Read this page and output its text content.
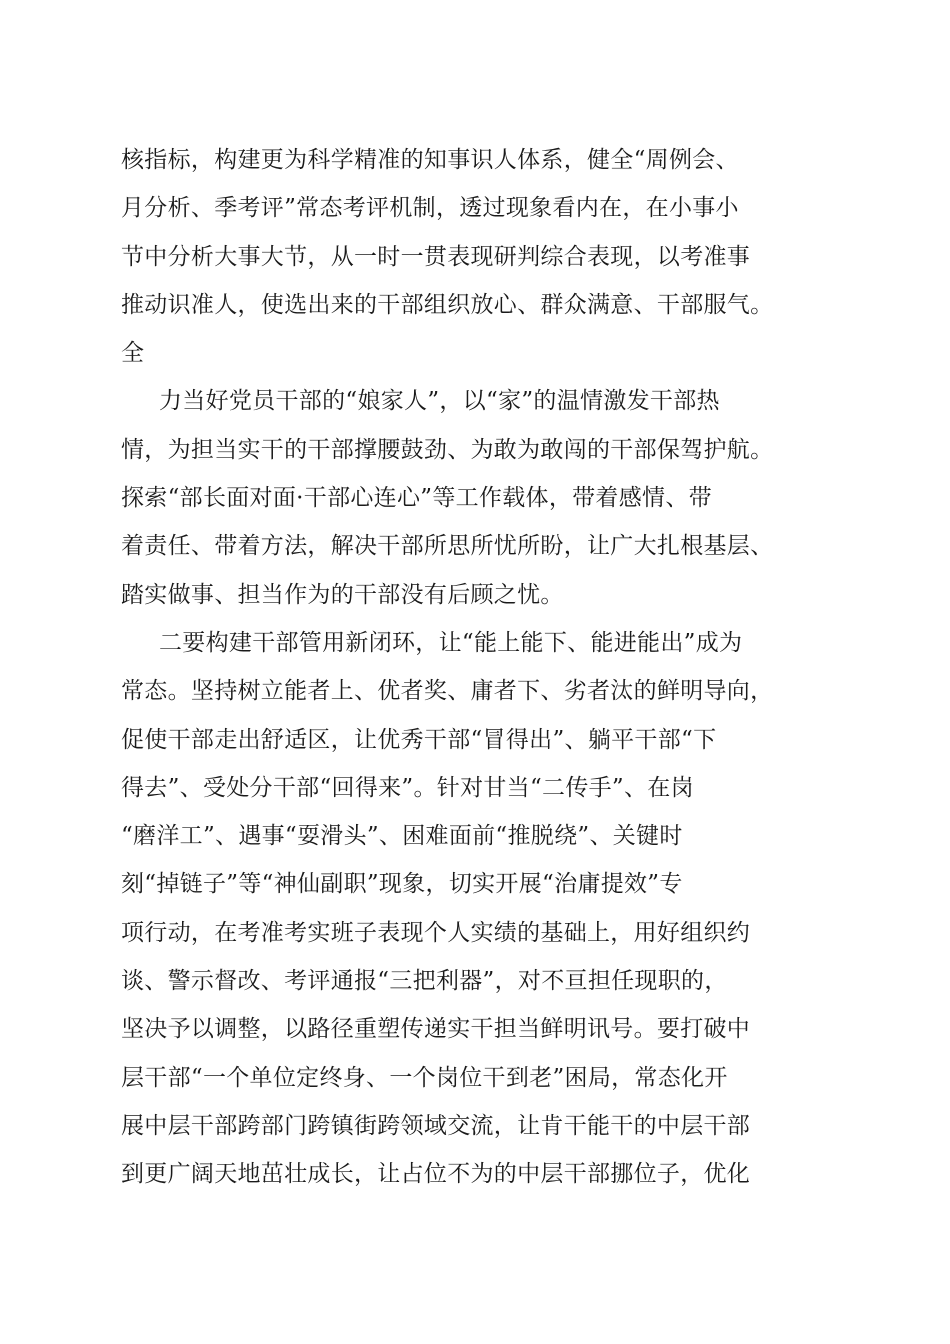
核指标，构建更为科学精准的知事识人体系，健全“周例会、
月分析、季考评”常态考评机制，透过现象看内在，在小事小
节中分析大事大节，从一时一贯表现研判综合表现，以考准事
推动识准人，使选出来的干部组织放心、群众满意、干部服气。
全
力当好党员干部的“娘家人”，以“家”的温情激发干部热
情，为担当实干的干部撑腰鼓劲、为敢为敢闯的干部保驾护航。
探索“部长面对面·干部心连心”等工作载体，带着感情、带
着责任、带着方法，解决干部所思所忧所盼，让广大扎根基层、
踏实做事、担当作为的干部没有后顾之忧。
二要构建干部管用新闭环，让“能上能下、能进能出”成为
常态。坚持树立能者上、优者奖、庸者下、劣者汰的鲜明导向，
促使干部走出舒适区，让优秀干部“冒得出”、躺平干部“下
得去”、受处分干部“回得来”。针对甘当“二传手”、在岗
“磨洋工”、遇事“耍滑头”、困难面前“推脱绕”、关键时
刻“掉链子”等“神仙副职”现象，切实开展“治庸提效”专
项行动，在考准考实班子表现个人实绩的基础上，用好组织约
谈、警示督改、考评通报“三把利器”，对不亘担任现职的，
坚决予以调整，以路径重塑传递实干担当鲜明讯号。要打破中
层干部“一个单位定终身、一个岗位干到老”困局，常态化开
展中层干部跨部门跨镇街跨领域交流，让肯干能干的中层干部
到更广阔天地茁壮成长，让占位不为的中层干部挪位子，优化
